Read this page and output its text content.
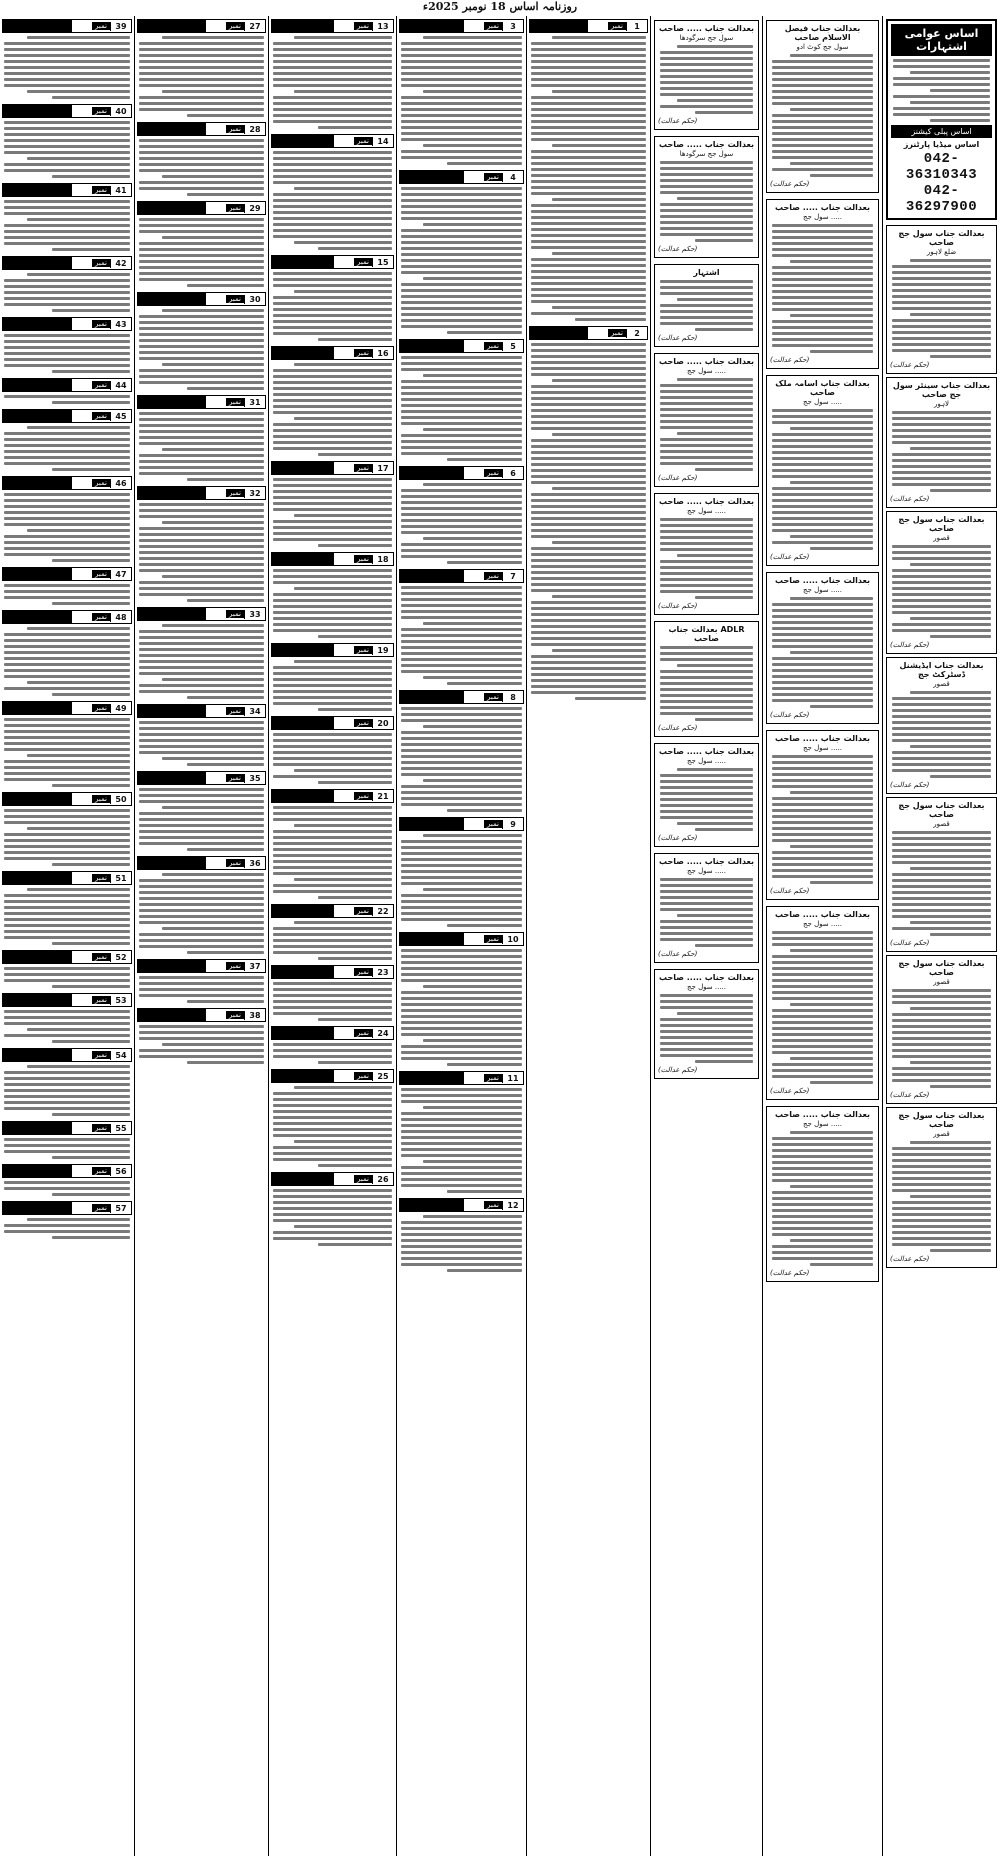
روزنامہ اساس 18 نومبر 2025ء
اساس عوامی اشتہارات
اساس پبلی کیشنز
اساس میڈیا پارٹنرز
042-36310343
042-36297900
بعدالت جناب سول جج صاحب
ضلع لاہور
(حکم عدالت)
بعدالت جناب سینئر سول جج صاحب
لاہور
(حکم عدالت)
بعدالت جناب سول جج صاحب
قصور
(حکم عدالت)
بعدالت جناب ایڈیشنل ڈسٹرکٹ جج
قصور
(حکم عدالت)
بعدالت جناب سول جج صاحب
قصور
(حکم عدالت)
بعدالت جناب سول جج صاحب
قصور
(حکم عدالت)
بعدالت جناب سول جج صاحب
قصور
(حکم عدالت)
بعدالت جناب فیصل الاسلام صاحب
سول جج کوٹ ادو
(حکم عدالت)
بعدالت جناب ..... صاحب
سول جج .....
(حکم عدالت)
بعدالت جناب اسامہ ملک صاحب
سول جج .....
(حکم عدالت)
بعدالت جناب ..... صاحب
سول جج .....
(حکم عدالت)
بعدالت جناب ..... صاحب
سول جج .....
(حکم عدالت)
بعدالت جناب ..... صاحب
سول جج .....
(حکم عدالت)
بعدالت جناب ..... صاحب
سول جج .....
(حکم عدالت)
بعدالت جناب ..... صاحب
سول جج سرگودھا
(حکم عدالت)
بعدالت جناب ..... صاحب
سول جج سرگودھا
(حکم عدالت)
اشتہار
(حکم عدالت)
بعدالت جناب ..... صاحب
سول جج .....
(حکم عدالت)
بعدالت جناب ..... صاحب
سول جج .....
(حکم عدالت)
بعدالت جناب ADLR صاحب
(حکم عدالت)
بعدالت جناب ..... صاحب
سول جج .....
(حکم عدالت)
بعدالت جناب ..... صاحب
سول جج .....
(حکم عدالت)
بعدالت جناب ..... صاحب
سول جج .....
(حکم عدالت)
1
نمبر
2
نمبر
3
نمبر
4
نمبر
5
نمبر
6
نمبر
7
نمبر
8
نمبر
9
نمبر
10
نمبر
11
نمبر
12
نمبر
13
نمبر
14
نمبر
15
نمبر
16
نمبر
17
نمبر
18
نمبر
19
نمبر
20
نمبر
21
نمبر
22
نمبر
23
نمبر
24
نمبر
25
نمبر
26
نمبر
27
نمبر
28
نمبر
29
نمبر
30
نمبر
31
نمبر
32
نمبر
33
نمبر
34
نمبر
35
نمبر
36
نمبر
37
نمبر
38
نمبر
39
نمبر
40
نمبر
41
نمبر
42
نمبر
43
نمبر
44
نمبر
45
نمبر
46
نمبر
47
نمبر
48
نمبر
49
نمبر
50
نمبر
51
نمبر
52
نمبر
53
نمبر
54
نمبر
55
نمبر
56
نمبر
57
نمبر
